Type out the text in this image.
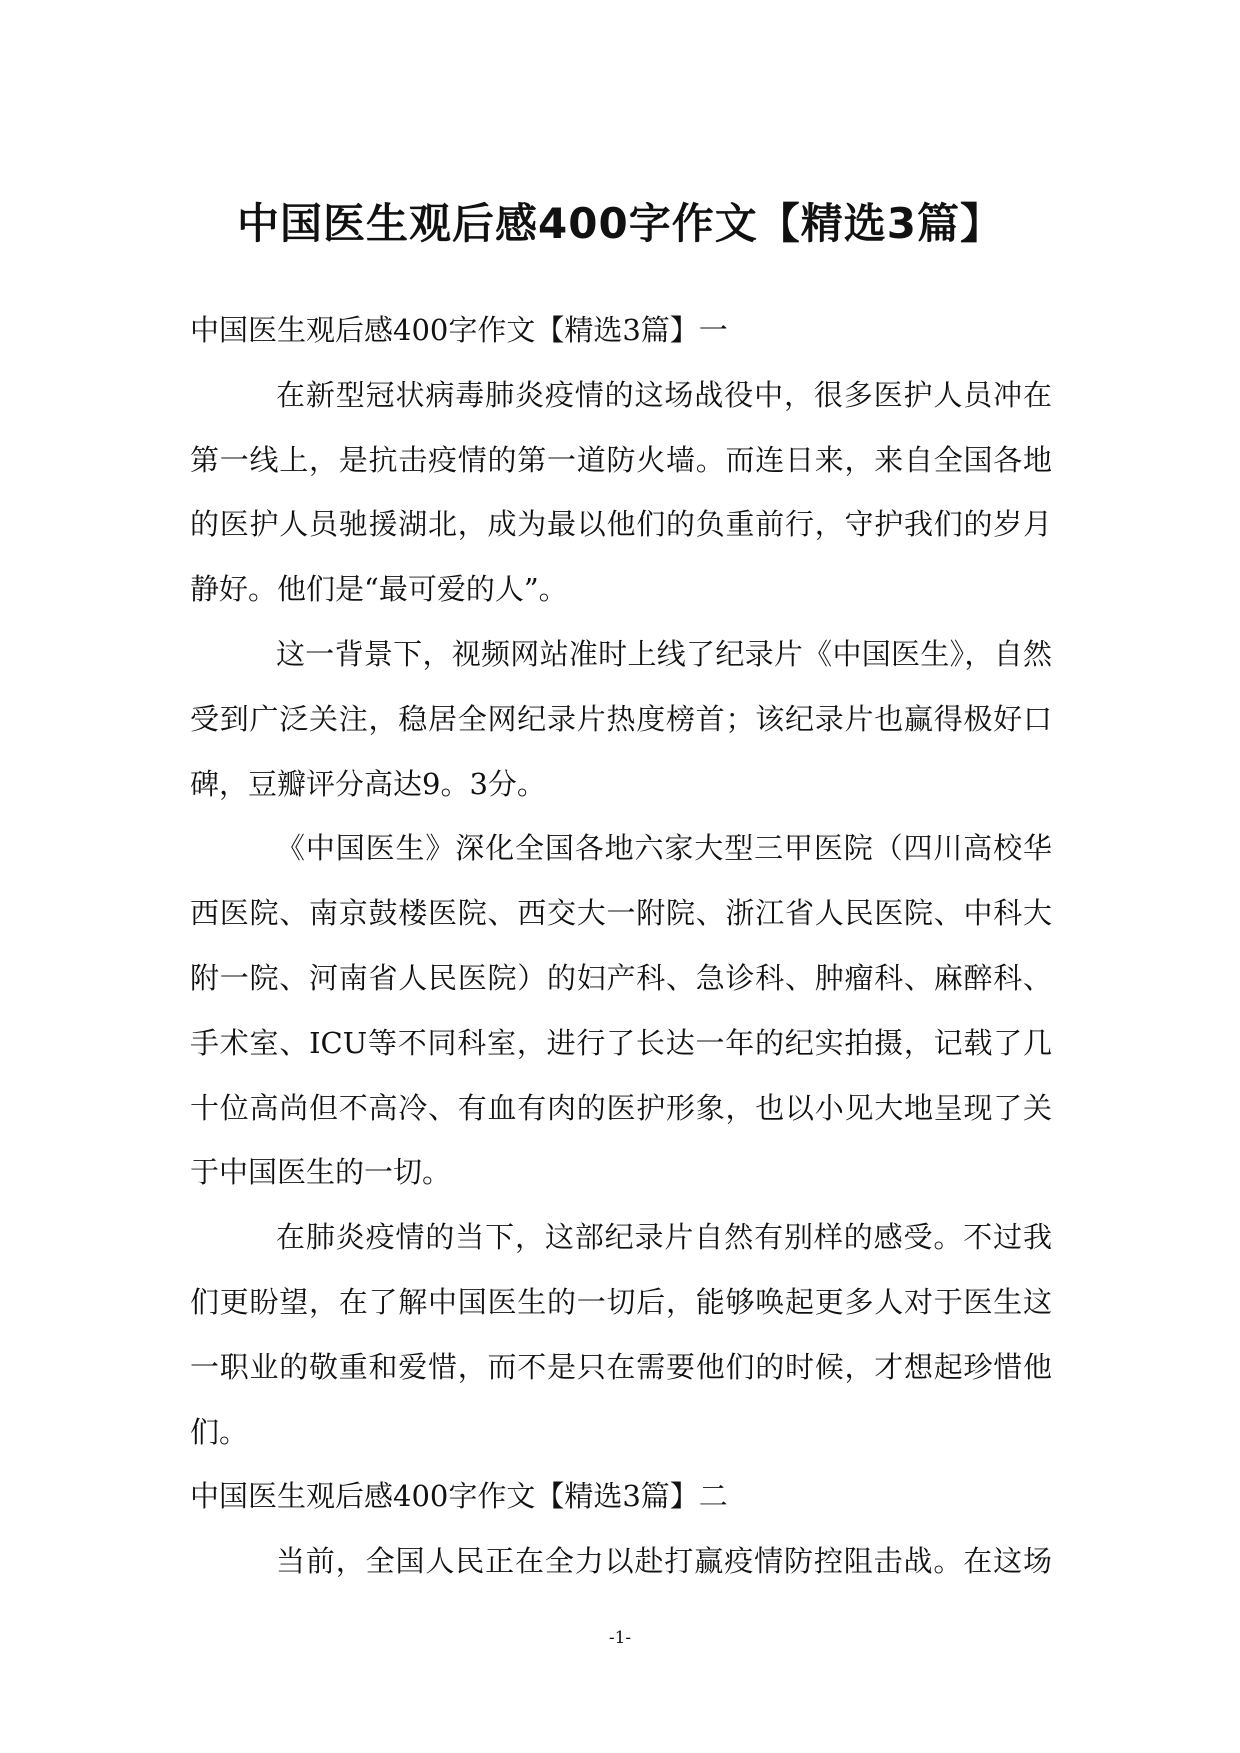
中国医生观后感400字作文【精选3篇】
中国医生观后感400字作文【精选3篇】一
在新型冠状病毒肺炎疫情的这场战役中，很多医护人员冲在
第一线上，是抗击疫情的第一道防火墙。而连日来，来自全国各地
的医护人员驰援湖北，成为最以他们的负重前行，守护我们的岁月
静好。他们是“最可爱的人”。
这一背景下，视频网站准时上线了纪录片《中国医生》，自然
受到广泛关注，稳居全网纪录片热度榜首；该纪录片也赢得极好口
碑，豆瓣评分高达9。3分。
《中国医生》深化全国各地六家大型三甲医院（四川高校华
西医院、南京鼓楼医院、西交大一附院、浙江省人民医院、中科大
附一院、河南省人民医院）的妇产科、急诊科、肿瘤科、麻醉科、
手术室、ICU等不同科室，进行了长达一年的纪实拍摄，记载了几
十位高尚但不高冷、有血有肉的医护形象，也以小见大地呈现了关
于中国医生的一切。
在肺炎疫情的当下，这部纪录片自然有别样的感受。不过我
们更盼望，在了解中国医生的一切后，能够唤起更多人对于医生这
一职业的敬重和爱惜，而不是只在需要他们的时候，才想起珍惜他
们。
中国医生观后感400字作文【精选3篇】二
当前，全国人民正在全力以赴打赢疫情防控阻击战。在这场
-1-
